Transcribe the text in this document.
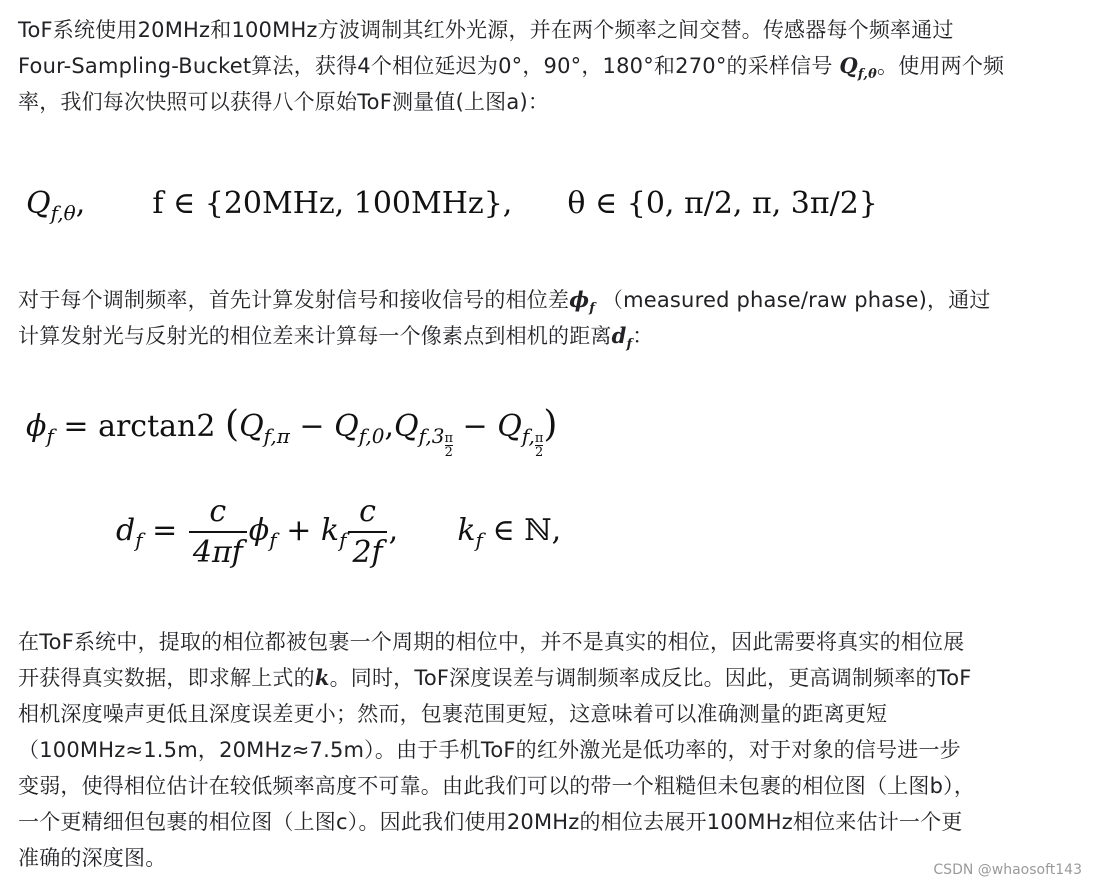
ToF系统使用20MHz和100MHz方波调制其红外光源，并在两个频率之间交替。传感器每个频率通过
Four-Sampling-Bucket算法，获得4个相位延迟为0°，90°，180°和270°的采样信号 $Q_{f,\theta}$。使用两个频
率，我们每次快照可以获得八个原始ToF测量值(上图a)：
$Q_{f,\theta}$, f ∈ {20MHz, 100MHz}, θ ∈ {0, π/2, π, 3π/2}
对于每个调制频率，首先计算发射信号和接收信号的相位差$\phi_f$ （measured phase/raw phase)，通过
计算发射光与反射光的相位差来计算每一个像素点到相机的距离$d_f$：
$\phi_f = \arctan 2$ ($Q_{f,\pi} - Q_{f,0},Q_{f,3} \frac{\pi}{2}$
− $Q_{f,} \frac{\pi}{2}$
)
$d_f = \frac{c}{4\pi f} \phi_f + k_f \frac{c}{2f}$ , $k_f$ ∈ ℕ,
在ToF系统中，提取的相位都被包裹一个周期的相位中，并不是真实的相位，因此需要将真实的相位展
开获得真实数据，即求解上式的k。同时，ToF深度误差与调制频率成反比。因此，更高调制频率的ToF
相机深度噪声更低且深度误差更小；然而，包裹范围更短，这意味着可以准确测量的距离更短
（100MHz≈1.5m，20MHz≈7.5m）。由于手机ToF的红外激光是低功率的，对于对象的信号进一步
变弱，使得相位估计在较低频率高度不可靠。由此我们可以的带一个粗糙但未包裹的相位图（上图b），
一个更精细但包裹的相位图（上图c）。因此我们使用20MHz的相位去展开100MHz相位来估计一个更
准确的深度图。	CSDN @whaosoft143
